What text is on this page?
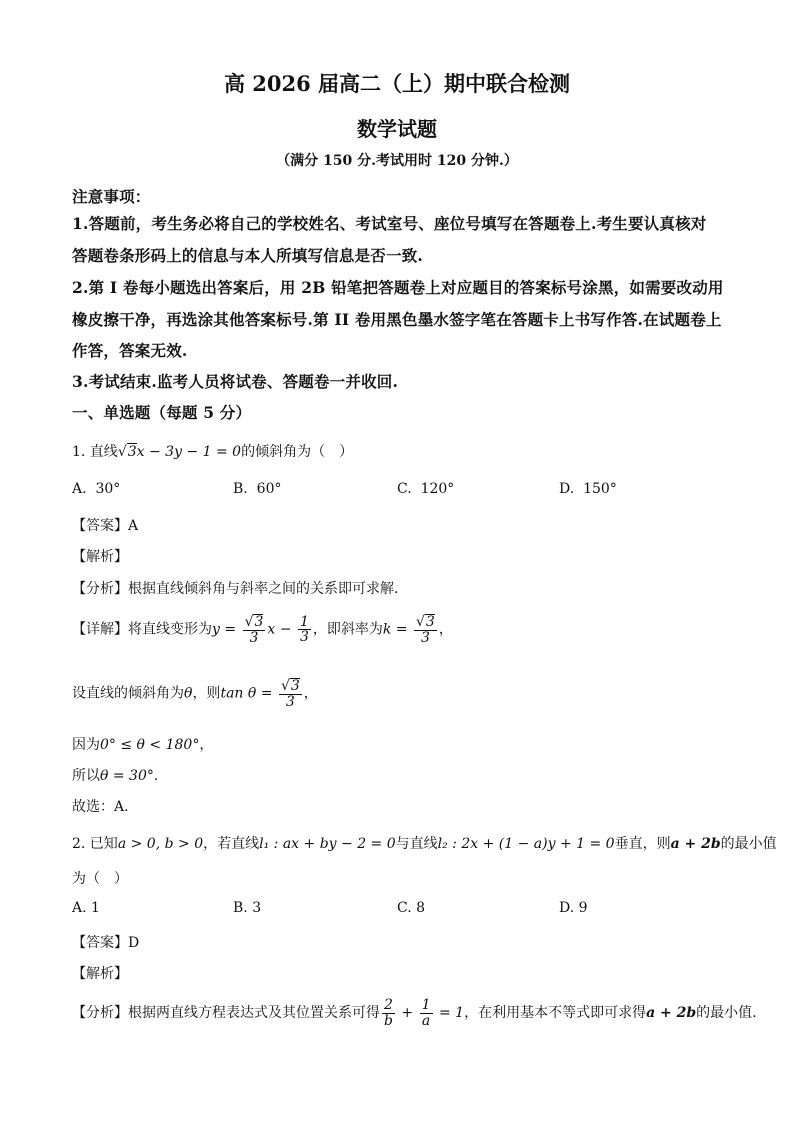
高 2026 届高二（上）期中联合检测
数学试题
（满分 150 分.考试用时 120 分钟.）
注意事项：
1.答题前，考生务必将自己的学校姓名、考试室号、座位号填写在答题卷上.考生要认真核对
答题卷条形码上的信息与本人所填写信息是否一致.
2.第 I 卷每小题选出答案后，用 2B 铅笔把答题卷上对应题目的答案标号涂黑，如需要改动用
橡皮擦干净，再选涂其他答案标号.第 II 卷用黑色墨水签字笔在答题卡上书写作答.在试题卷上
作答，答案无效.
3.考试结束.监考人员将试卷、答题卷一并收回.
一、单选题（每题 5 分）
1. 直线√3x − 3y − 1 = 0的倾斜角为（　）
A. 30°	B. 60°	C. 120°	D. 150°
【答案】A
【解析】
【分析】根据直线倾斜角与斜率之间的关系即可求解.
【详解】将直线变形为$y = \frac{√3}{3}$ $x - \frac{1}{3}$ ，即斜率为$k = \frac{√3}{3}$ ，
设直线的倾斜角为θ，则$\tan \theta = \frac{√3}{3}$ ，
因为0° ≤ θ < 180°，
所以θ = 30°.
故选：A.
2. 已知a > 0, b > 0，若直线l₁ : ax + by − 2 = 0与直线l₂ : 2x + (1 − a)y + 1 = 0垂直，则a + 2b的最小值
为（　）
A. 1	B. 3	C. 8	D. 9
【答案】D
【解析】
【分析】根据两直线方程表达式及其位置关系可得 $\frac{2}{b} + \frac{1}{a} = 1$，在利用基本不等式即可求得a + 2b的最小值.
